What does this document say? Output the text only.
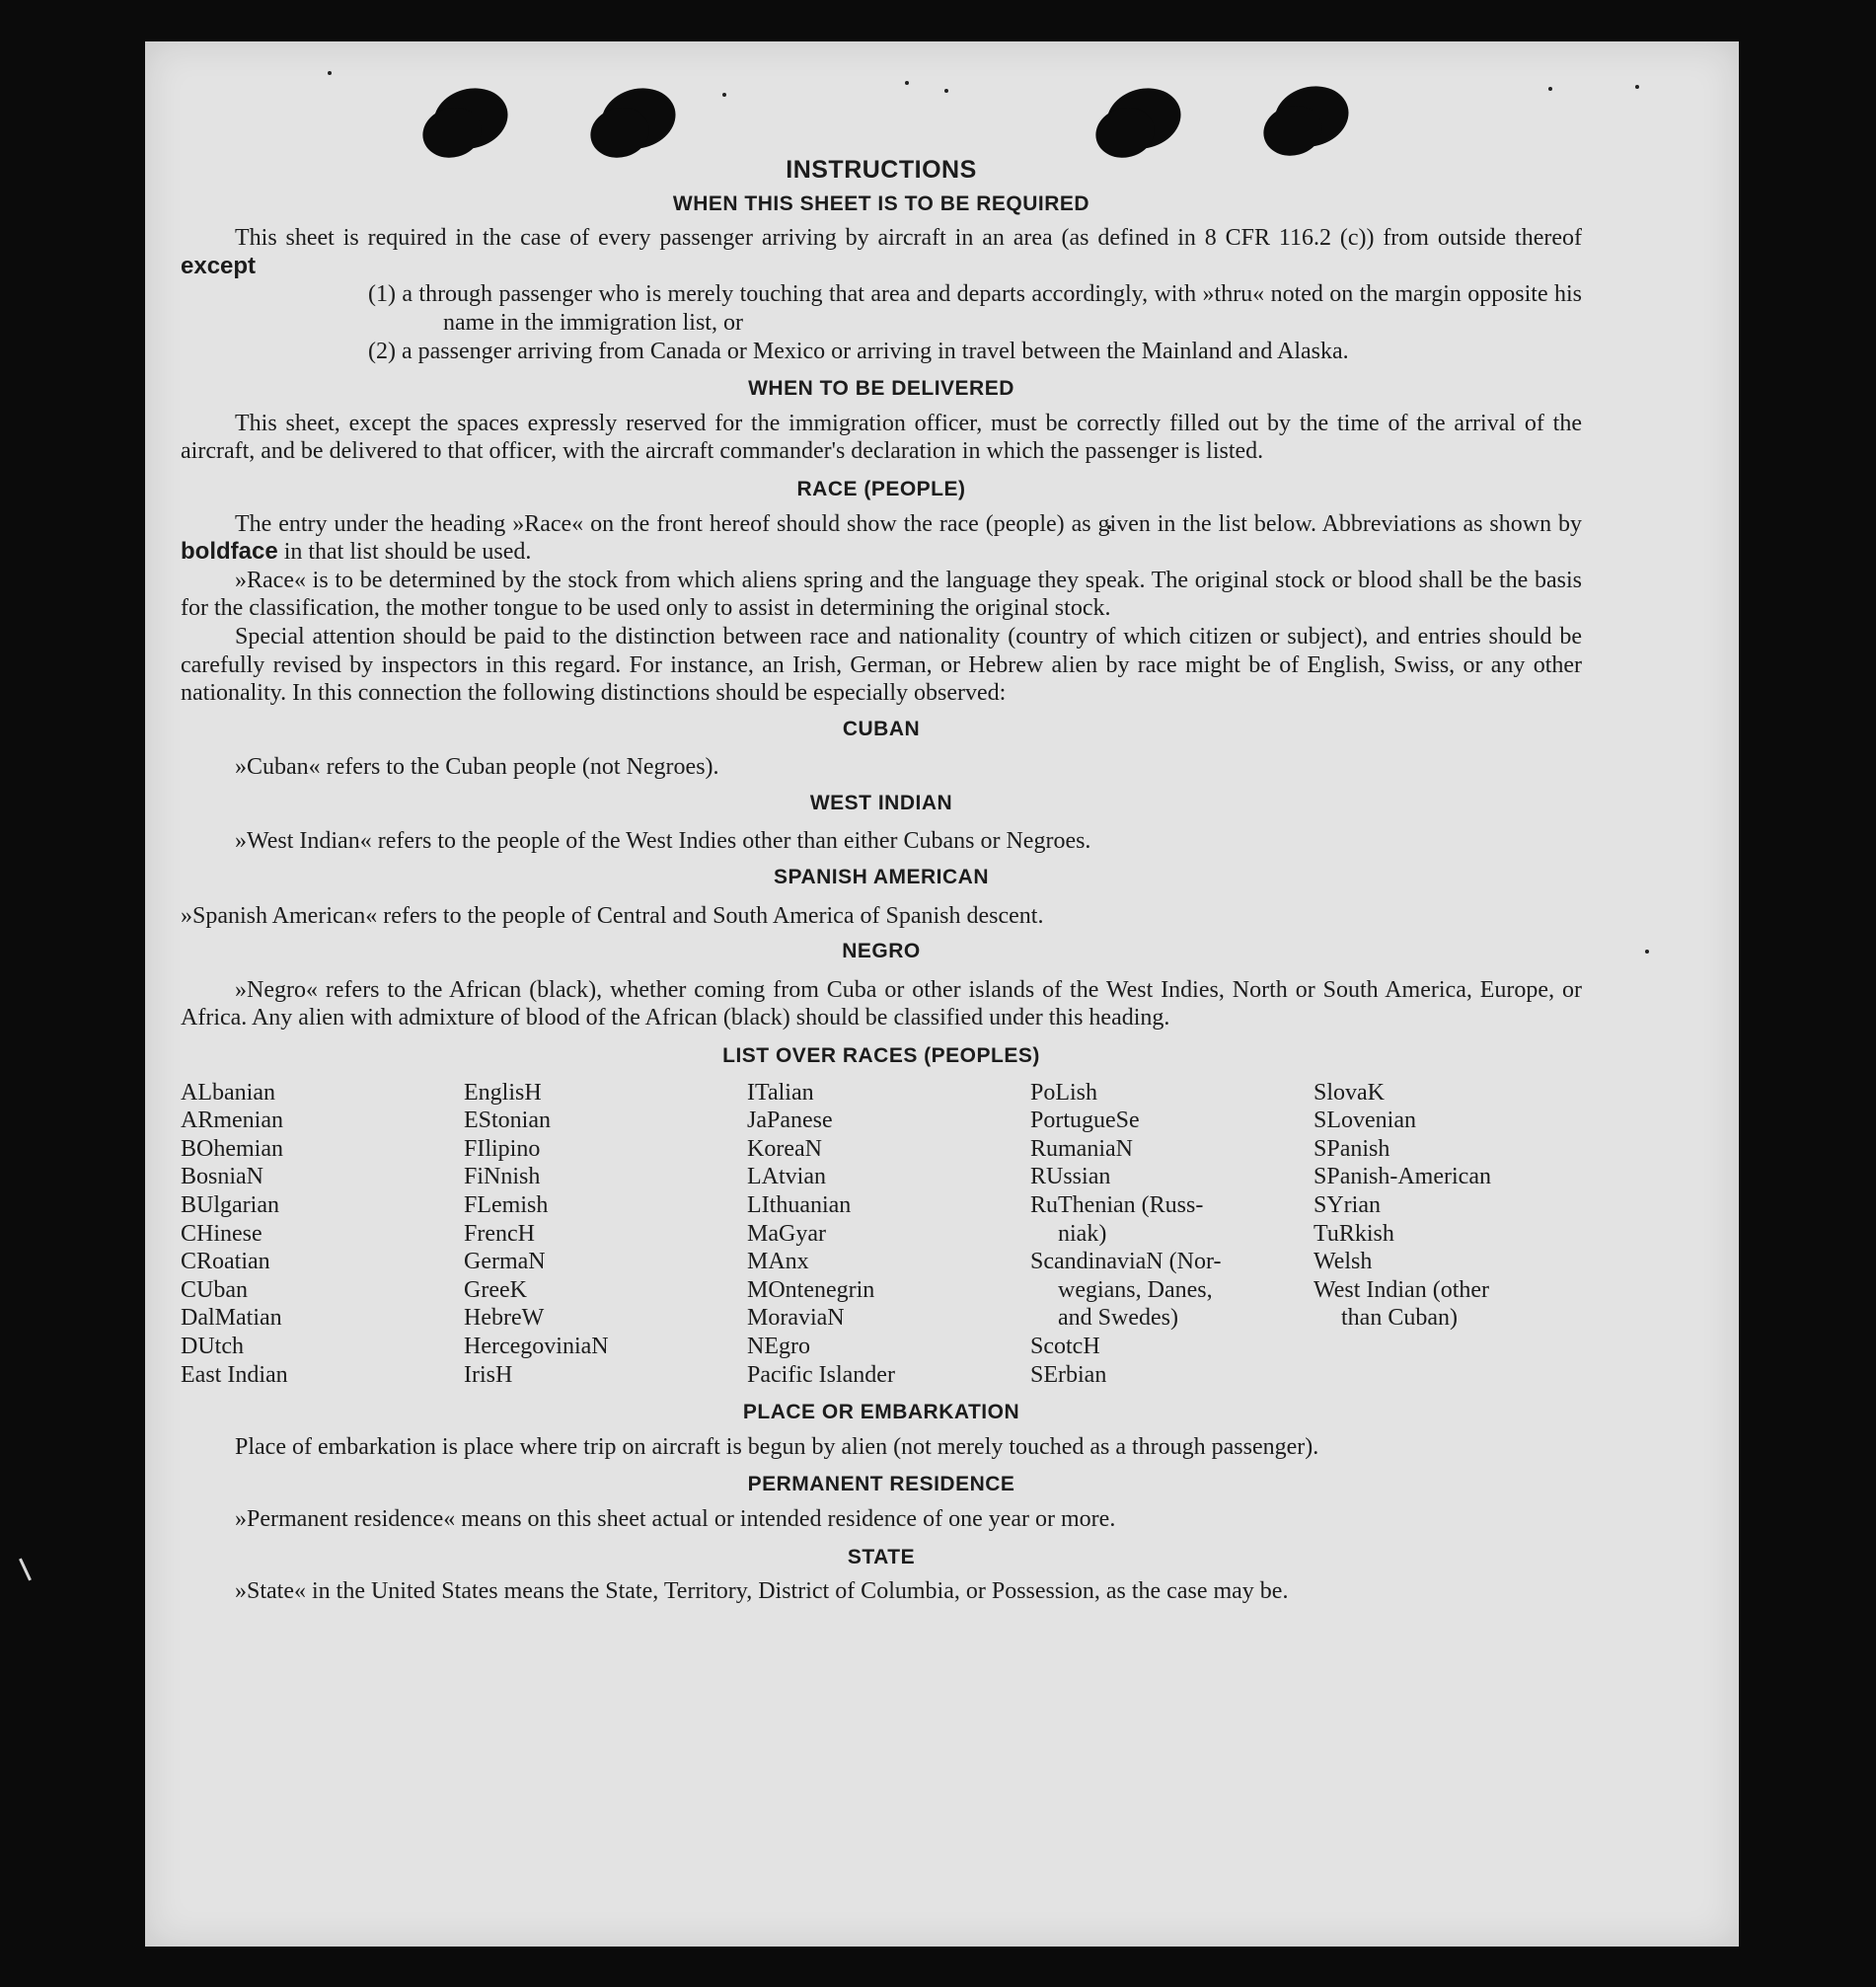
INSTRUCTIONS
WHEN THIS SHEET IS TO BE REQUIRED

This sheet is required in the case of every passenger arriving by aircraft in an area (as defined in 8 CFR 116.2 (c)) from outside thereof except

(1) a through passenger who is merely touching that area and departs accordingly, with »thru« noted on the margin opposite his name in the immigration list, or

(2) a passenger arriving from Canada or Mexico or arriving in travel between the Mainland and Alaska.

WHEN TO BE DELIVERED

This sheet, except the spaces expressly reserved for the immigration officer, must be correctly filled out by the time of the arrival of the aircraft, and be delivered to that officer, with the aircraft commander's declaration in which the passenger is listed.

RACE (PEOPLE)

The entry under the heading »Race« on the front hereof should show the race (people) as given in the list below. Abbreviations as shown by boldface in that list should be used.

»Race« is to be determined by the stock from which aliens spring and the language they speak. The original stock or blood shall be the basis for the classification, the mother tongue to be used only to assist in determining the original stock.

Special attention should be paid to the distinction between race and nationality (country of which citizen or subject), and entries should be carefully revised by inspectors in this regard. For instance, an Irish, German, or Hebrew alien by race might be of English, Swiss, or any other nationality. In this connection the following distinctions should be especially observed:

CUBAN

»Cuban« refers to the Cuban people (not Negroes).

WEST INDIAN

»West Indian« refers to the people of the West Indies other than either Cubans or Negroes.

SPANISH AMERICAN

»Spanish American« refers to the people of Central and South America of Spanish descent.

NEGRO

»Negro« refers to the African (black), whether coming from Cuba or other islands of the West Indies, North or South America, Europe, or Africa. Any alien with admixture of blood of the African (black) should be classified under this heading.

LIST OVER RACES (PEOPLES)
ALbanian
ARmenian
BOhemian
BosniaN
BUlgarian
CHinese
CRoatian
CUban
DalMatian
DUtch
East Indian
EnglisH
EStonian
FIlipino
FiNnish
FLemish
FrencH
GermaN
GreeK
HebreW
HercegoviniaN
IrisH
ITalian
JaPanese
KoreaN
LAtvian
LIthuanian
MaGyar
MAnx
MOntenegrin
MoraviaN
NEgro
Pacific Islander
PoLish
PortugueSe
RumaniaN
RUssian
RuThenian (Russ-
niak)
ScandinaviaN (Nor-
wegians, Danes,
and Swedes)
ScotcH
SErbian
SlovaK
SLovenian
SPanish
SPanish-American
SYrian
TuRkish
Welsh
West Indian (other
than Cuban)
PLACE OR EMBARKATION

Place of embarkation is place where trip on aircraft is begun by alien (not merely touched as a through passenger).

PERMANENT RESIDENCE

»Permanent residence« means on this sheet actual or intended residence of one year or more.

STATE

»State« in the United States means the State, Territory, District of Columbia, or Possession, as the case may be.
